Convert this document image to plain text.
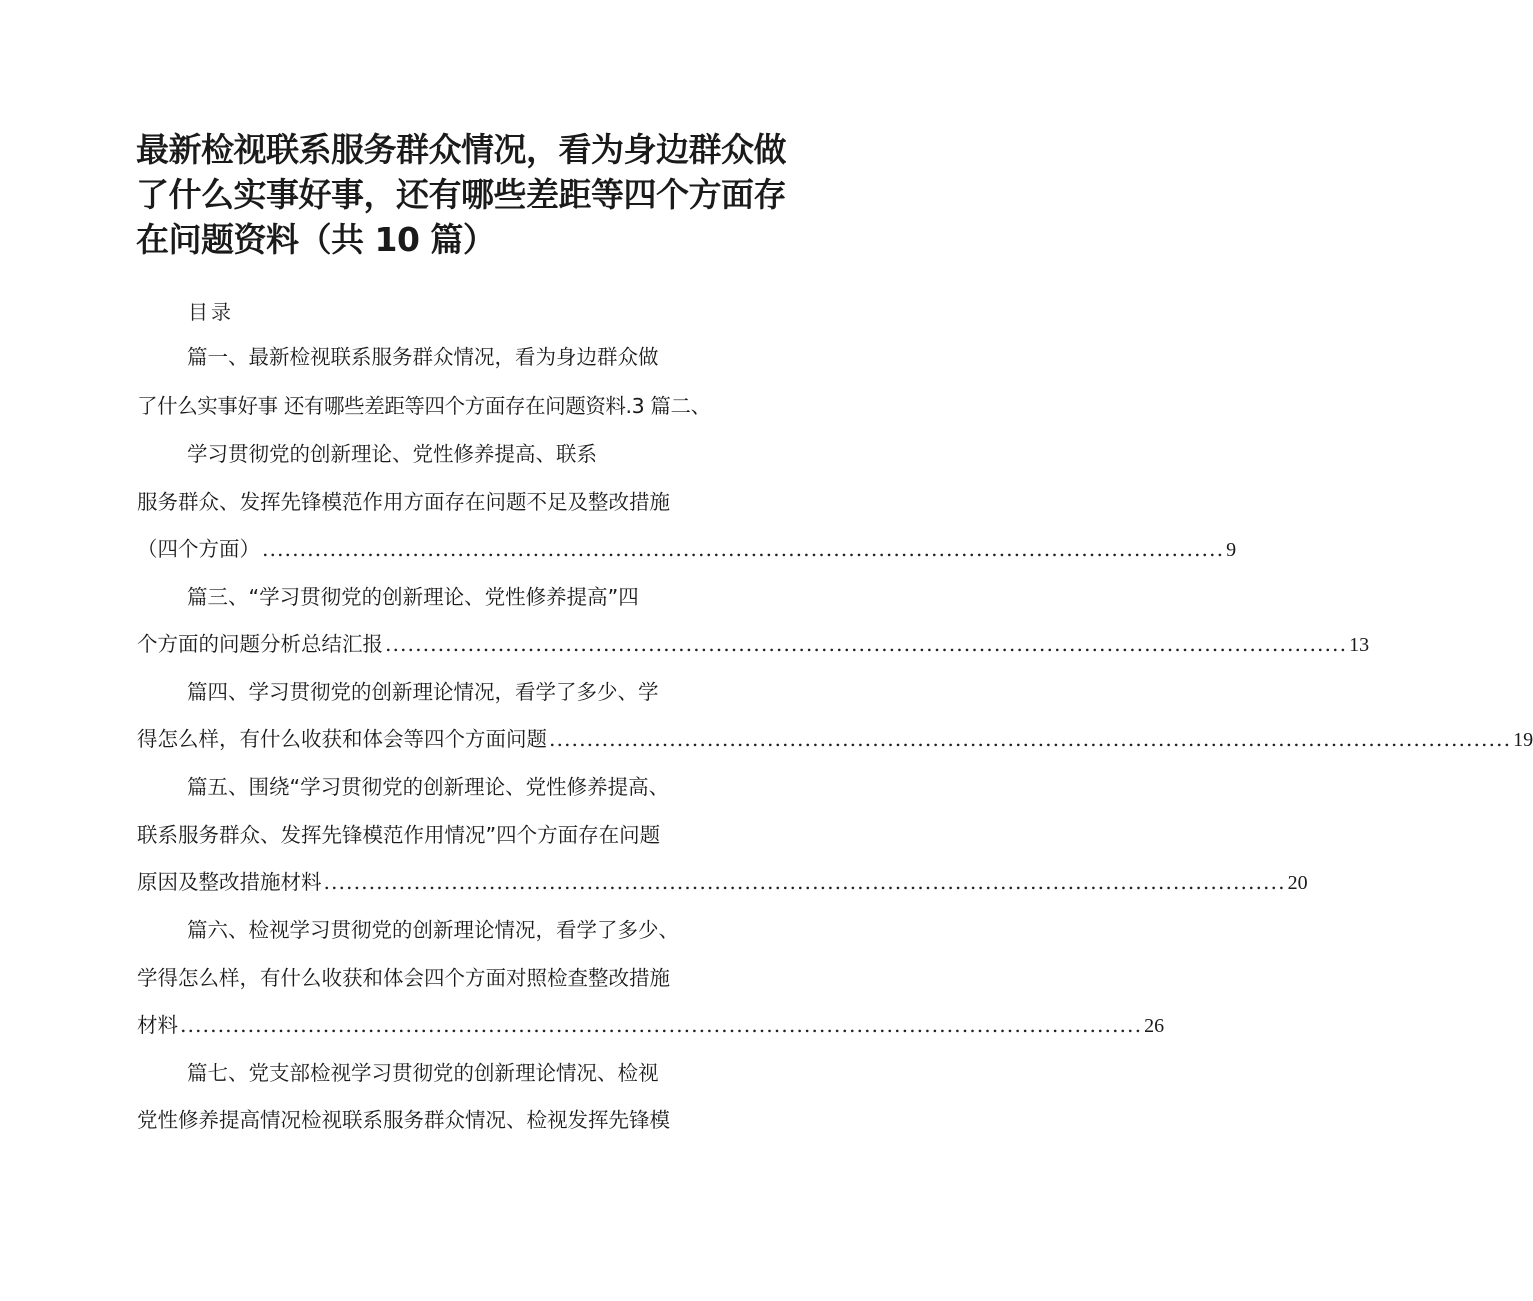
最新检视联系服务群众情况，看为身边群众做
了什么实事好事，还有哪些差距等四个方面存
在问题资料（共 10 篇）
目录
篇一、最新检视联系服务群众情况，看为身边群众做
了什么实事好事 还有哪些差距等四个方面存在问题资料.3 篇二、
学习贯彻党的创新理论、党性修养提高、联系
服务群众、发挥先锋模范作用方面存在问题不足及整改措施
（四个方面） ................................................................................................................................ 9
篇三、“学习贯彻党的创新理论、党性修养提高”四
个方面的问题分析总结汇报 ................................................................................................................................ 13
篇四、学习贯彻党的创新理论情况，看学了多少、学
得怎么样，有什么收获和体会等四个方面问题 ................................................................................................................................ 19
篇五、围绕“学习贯彻党的创新理论、党性修养提高、
联系服务群众、发挥先锋模范作用情况”四个方面存在问题
原因及整改措施材料 ................................................................................................................................ 20
篇六、检视学习贯彻党的创新理论情况，看学了多少、
学得怎么样，有什么收获和体会四个方面对照检查整改措施
材料 ................................................................................................................................ 26
篇七、党支部检视学习贯彻党的创新理论情况、检视
党性修养提高情况检视联系服务群众情况、检视发挥先锋模
